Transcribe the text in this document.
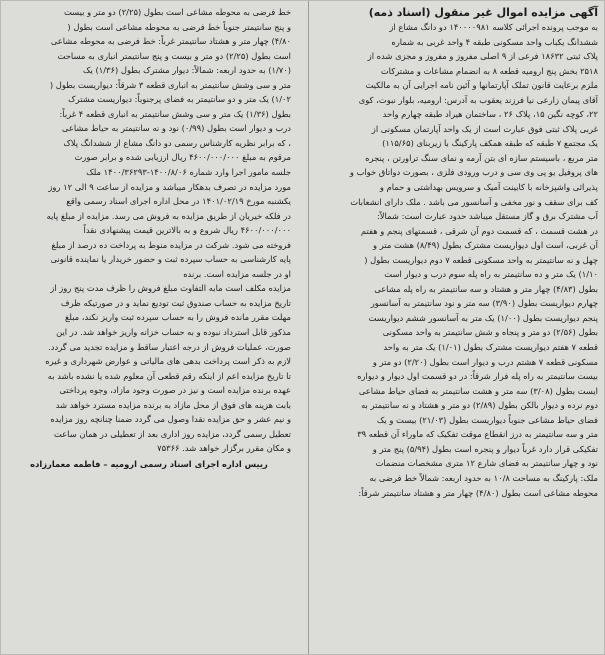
آگهی مزایده اموال غیر منقول (اسناد ذمه)
به موجب پرونده اجرائی کلاسه ۱۴۰۰۰۰۹۸۱ دو دانگ مشاع از
ششدانگ یکباب واحد مسکونی طبقه ۴ واحد غربی به شماره
پلاک ثبتی ۱۸۶۳۲ فرعی از ۹ اصلی مفروز و مفروز و مجزی شده از
۲۵۱۸ بخش پنج ارومیه قطعه ۸ به انضمام مشاعات و مشترکات
ملزم برعایت قانون تملک آپارتمانها و آئین نامه اجرایی آن به مالکیت
آقای پیمان زارعی نیا فرزند یعقوب به آدرس: ارومیه، بلوار نبوت، کوی
۲۲، کوچه نگین ۱۵، پلاک ۲۶ ، ساختمان هیراد طبقه چهارم واحد
غربی پلاک ثبتی فوق عبارت است از یک واحد آپارتمان مسکونی از
یک مجتمع ۷ طبقه که طبقه همکف پارکینگ با زیربنای (۱۱۵/۶۵)
متر مربع ، باسیستم سازه ای بتن آرمه و نمای سنگ تراورتن ، پنجره
های پروفیل یو پی وی سی و درب ورودی فلزی ، بصورت دواتاق خواب و
پذیرائی واشپزخانه با کابینت آمیک و سرویس بهداشتی و حمام و
کف برای سقف و نور مخفی و آسانسور می باشد . ملک دارای انشعابات
آب مشترک برق و گاز مستقل میباشد حدود عبارت است: شمالاً:
در هشت قسمت ، که قسمت دوم آن شرقی ، قسمتهای پنجم و هفتم
آن غربی، است اول دیواریست مشترک بطول (۸/۴۹) هشت متر و
چهل و نه سانتیمتر به واحد مسکونی قطعه ۷ دوم دیواریست بطول (
۱/۱۰) یک متر و ده سانتیمتر به راه پله سوم درب و دیوار است
بطول (۴/۸۳) چهار متر و هشتاد و سه سانتیمتر به راه پله مشاعی
چهارم دیواریست بطول (۳/۹۰) سه متر و نود سانتیمتر به آسانسور
پنجم دیواریست بطول (۱/۰۰) یک متر به آسانسور ششم دیواریست
بطول (۲/۵۶) دو متر و پنجاه و شش سانتیمتر به واحد مسکونی
قطعه ۷ هفتم دیواریست مشترک بطول (۱/۰۱) یک متر به واحد
مسکونی قطعه ۷ هشتم درب و دیوار است بطول (۲/۲۰) دو متر و
بیست سانتیمتر به راه پله فرار شرقاً: در دو قسمت اول دیوار و دیواره
ایست بطول (۳/۰۸) سه متر و هشت سانتیمتر به فضای حیاط مشاعی
دوم نرده و دیوار بالکن بطول (۲/۸۹) دو متر و هشتاد و نه سانتیمتر به
فضای حیاط مشاعی جنوباً دیواریست بطول (۲۱/۰۳) بیست و یک
متر و سه سانتیمتر به درز انقطاع موقت تفکیک که ماوراء آن قطعه ۳۹
تفکیکی قرار دارد غرباً دیوار و پنجره است بطول (۵/۹۴) پنج متر و
نود و چهار سانتیمتر به فضای شارع ۱۲ متری مشخصات منضمات
ملک: پارکینگ به مساحت ۱۰/۸ به حدود اربعه: شمالاً خط فرضی به
محوطه مشاعی است بطول (۴/۸۰) چهار متر و هشتاد سانتیمتر شرقاً:
خط فرضی به محوطه مشاعی است بطول (۲/۲۵) دو متر و بیست
و پنج سانتیمتر جنوباً خط فرضی به محوطه مشاعی است بطول (
۴/۸۰) چهار متر و هشتاد سانتیمتر غرباً: خط فرضی به محوطه مشاعی
است بطول (۲/۲۵) دو متر و بیست و پنج سانتیمتر انباری به مساحت
(۱/۷۰) به حدود اربعه: شمالاً: دیوار مشترک بطول (۱/۳۶) یک
متر و سی وشش سانتیمتر به انباری قطعه ۳ شرقاً: دیواریست بطول (
۱/۰۲) یک متر و دو سانتیمتر به فضای پرجنوباً: دیواریست مشترک
بطول (۱/۳۶) یک متر و سی وشش سانتیمتر به انباری قطعه ۴ غرباً:
درب و دیوار است بطول (۰/۹۹) نود و نه سانتیمتر به حیاط مشاعی
، که برابر نظریه کارشناس رسمی دو دانگ مشاع از ششدانگ پلاک
مرقوم به مبلغ ۴۶۰۰/۰۰۰/۰۰۰ ریال ارزیابی شده و برابر صورت
جلسه مامور اجرا وارد شماره ۱۴۰۰/۸/۰۶-۱۴۰۰/۳۶۲۹۳ ملک
مورد مزایده در تصرف بدهکار میباشد و مزایده از ساعت ۹ الی ۱۲ روز
یکشنبه مورخ ۱۴۰۱/۰۲/۱۹ در محل اداره اجرای اسناد رسمی واقع
در فلکه خیریان از طریق مزایده به فروش می رسد. مزایده از مبلغ پایه
۴۶۰۰/۰۰۰/۰۰۰ ریال شروع و به بالاترین قیمت پیشنهادی نقداً
فروخته می شود. شرکت در مزایده منوط به پرداخت ده درصد از مبلغ
پایه کارشناسی به حساب سپرده ثبت و حضور خریدار یا نماینده قانونی
او در جلسه مزایده است. برنده
مزایده مکلف است مابه التفاوت مبلغ فروش را ظرف مدت پنج روز از
تاریخ مزایده به حساب صندوق ثبت تودیع نماید و در صورتیکه ظرف
مهلت مقرر مانده فروش را به حساب سپرده ثبت واریز نکند، مبلغ
مذکور قابل استرداد نبوده و به حساب خزانه واریز خواهد شد. در این
صورت، عملیات فروش از درجه اعتبار ساقط و مزایده تجدید می گردد.
لازم به ذکر است پرداخت بدهی های مالیاتی و عوارض شهرداری و غیره
تا تاریخ مزایده اعم از اینکه رقم قطعی آن معلوم شده یا نشده باشد به
عهده برنده مزایده است و نیز در صورت وجود مازاد، وجوه پرداختی
بابت هزینه های فوق از محل مازاد به برنده مزایده مسترد خواهد شد
و نیم عشر و حق مزایده نقدا وصول می گردد ضمنا چنانچه روز مزایده
تعطیل رسمی گردد، مزایده روز اداری بعد از تعطیلی در همان ساعت
و مکان مقرر برگزار خواهد شد. ۷۵۳۶۶
رییس اداره اجرای اسناد رسمی ارومیه – فاطمه معمارزاده
